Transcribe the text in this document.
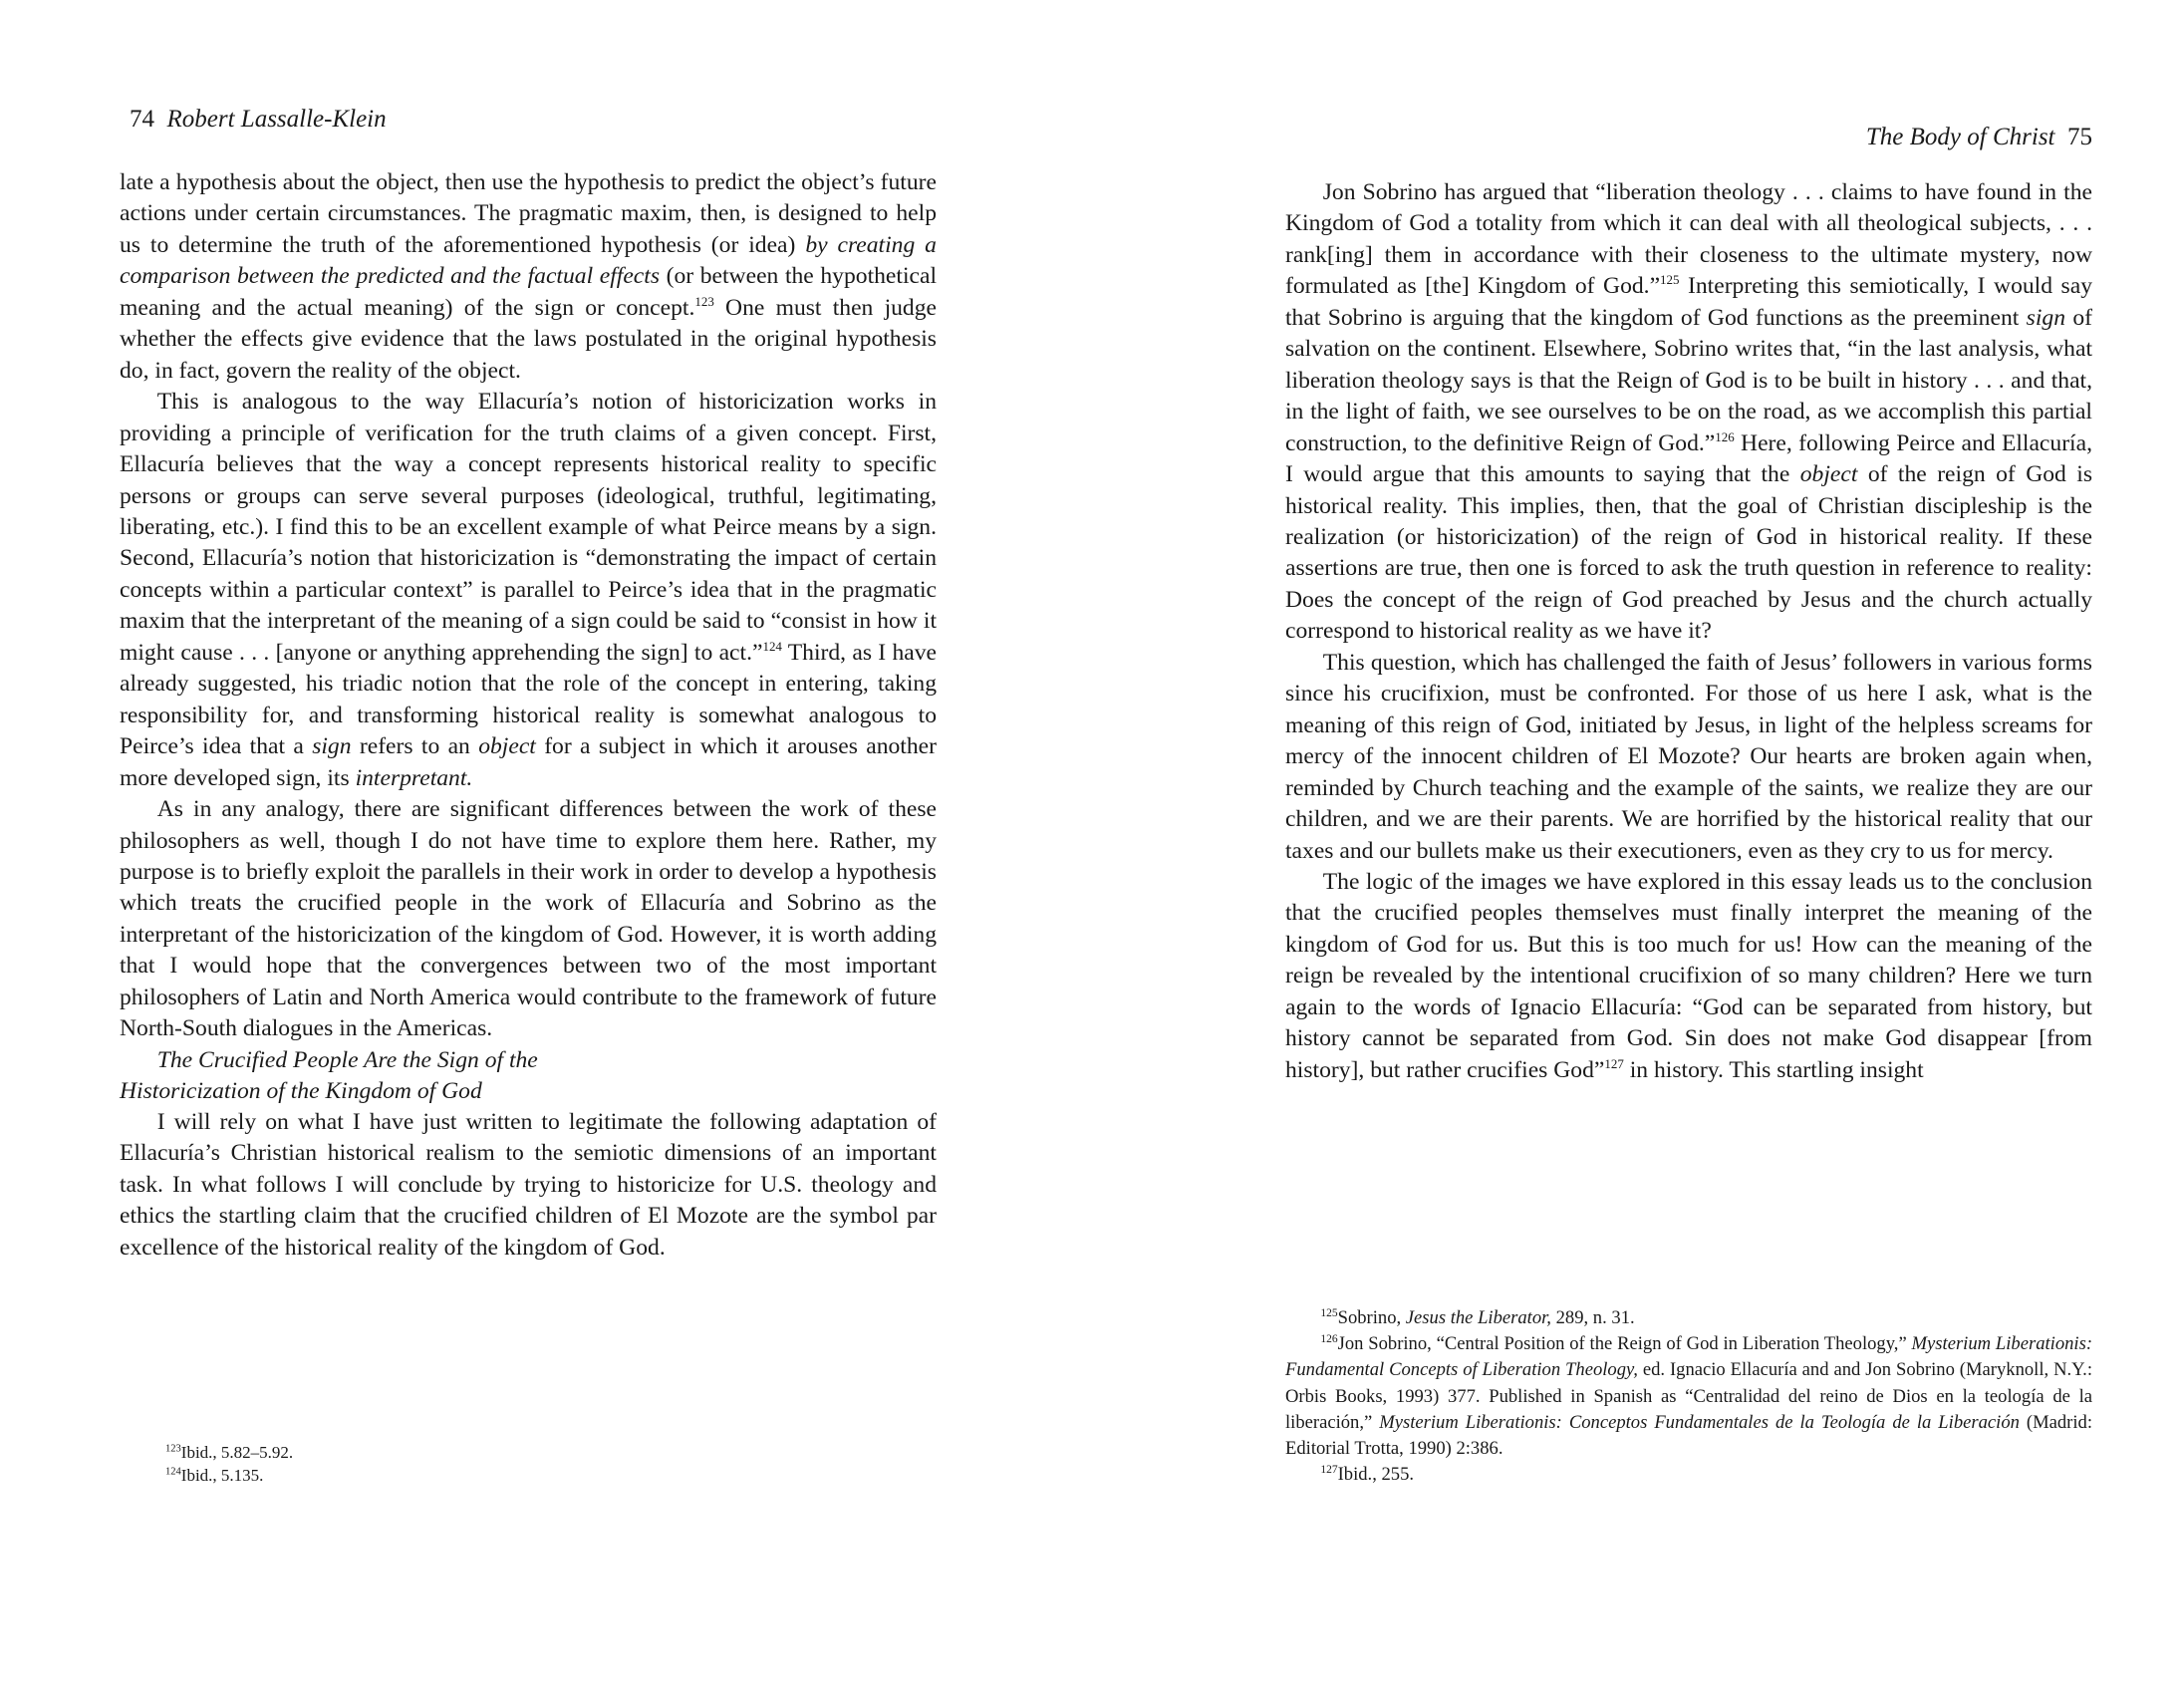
74 Robert Lassalle-Klein

late a hypothesis about the object, then use the hypothesis to predict the object’s future actions under certain circumstances. The pragmatic maxim, then, is designed to help us to determine the truth of the aforementioned hypothesis (or idea) by creating a comparison between the predicted and the factual effects (or between the hypothetical meaning and the actual meaning) of the sign or concept.$^{123}$ One must then judge whether the effects give evidence that the laws postulated in the original hypothesis do, in fact, govern the reality of the object.

This is analogous to the way Ellacuría’s notion of historicization works in providing a principle of verification for the truth claims of a given concept. First, Ellacuría believes that the way a concept represents historical reality to specific persons or groups can serve several purposes (ideological, truthful, legitimating, liberating, etc.). I find this to be an excellent example of what Peirce means by a sign. Second, Ellacuría’s notion that historicization is “demonstrating the impact of certain concepts within a particular context” is parallel to Peirce’s idea that in the pragmatic maxim that the interpretant of the meaning of a sign could be said to “consist in how it might cause . . . [anyone or anything apprehending the sign] to act.”$^{124}$ Third, as I have already suggested, his triadic notion that the role of the concept in entering, taking responsibility for, and transforming historical reality is somewhat analogous to Peirce’s idea that a sign refers to an object for a subject in which it arouses another more developed sign, its interpretant.

As in any analogy, there are significant differences between the work of these philosophers as well, though I do not have time to explore them here. Rather, my purpose is to briefly exploit the parallels in their work in order to develop a hypothesis which treats the crucified people in the work of Ellacuría and Sobrino as the interpretant of the historicization of the kingdom of God. However, it is worth adding that I would hope that the convergences between two of the most important philosophers of Latin and North America would contribute to the framework of future North-South dialogues in the Americas.

The Crucified People Are the Sign of the
Historicization of the Kingdom of God

I will rely on what I have just written to legitimate the following adaptation of Ellacuría’s Christian historical realism to the semiotic dimensions of an important task. In what follows I will conclude by trying to historicize for U.S. theology and ethics the startling claim that the crucified children of El Mozote are the symbol par excellence of the historical reality of the kingdom of God.

$^{123}$Ibid., 5.82–5.92.

$^{124}$Ibid., 5.135.

The Body of Christ 75

Jon Sobrino has argued that “liberation theology . . . claims to have found in the Kingdom of God a totality from which it can deal with all theological subjects, . . . rank[ing] them in accordance with their closeness to the ultimate mystery, now formulated as [the] Kingdom of God.”$^{125}$ Interpreting this semiotically, I would say that Sobrino is arguing that the kingdom of God functions as the preeminent sign of salvation on the continent. Elsewhere, Sobrino writes that, “in the last analysis, what liberation theology says is that the Reign of God is to be built in history . . . and that, in the light of faith, we see ourselves to be on the road, as we accomplish this partial construction, to the definitive Reign of God.”$^{126}$ Here, following Peirce and Ellacuría, I would argue that this amounts to saying that the object of the reign of God is historical reality. This implies, then, that the goal of Christian discipleship is the realization (or historicization) of the reign of God in historical reality. If these assertions are true, then one is forced to ask the truth question in reference to reality: Does the concept of the reign of God preached by Jesus and the church actually correspond to historical reality as we have it?

This question, which has challenged the faith of Jesus’ followers in various forms since his crucifixion, must be confronted. For those of us here I ask, what is the meaning of this reign of God, initiated by Jesus, in light of the helpless screams for mercy of the innocent children of El Mozote? Our hearts are broken again when, reminded by Church teaching and the example of the saints, we realize they are our children, and we are their parents. We are horrified by the historical reality that our taxes and our bullets make us their executioners, even as they cry to us for mercy.

The logic of the images we have explored in this essay leads us to the conclusion that the crucified peoples themselves must finally interpret the meaning of the kingdom of God for us. But this is too much for us! How can the meaning of the reign be revealed by the intentional crucifixion of so many children? Here we turn again to the words of Ignacio Ellacuría: “God can be separated from history, but history cannot be separated from God. Sin does not make God disappear [from history], but rather crucifies God”$^{127}$ in history. This startling insight

$^{125}$Sobrino, Jesus the Liberator, 289, n. 31.

$^{126}$Jon Sobrino, “Central Position of the Reign of God in Liberation Theology,” Mysterium Liberationis: Fundamental Concepts of Liberation Theology, ed. Ignacio Ellacuría and and Jon Sobrino (Maryknoll, N.Y.: Orbis Books, 1993) 377. Published in Spanish as “Centralidad del reino de Dios en la teología de la liberación,” Mysterium Liberationis: Conceptos Fundamentales de la Teología de la Liberación (Madrid: Editorial Trotta, 1990) 2:386.

$^{127}$Ibid., 255.
